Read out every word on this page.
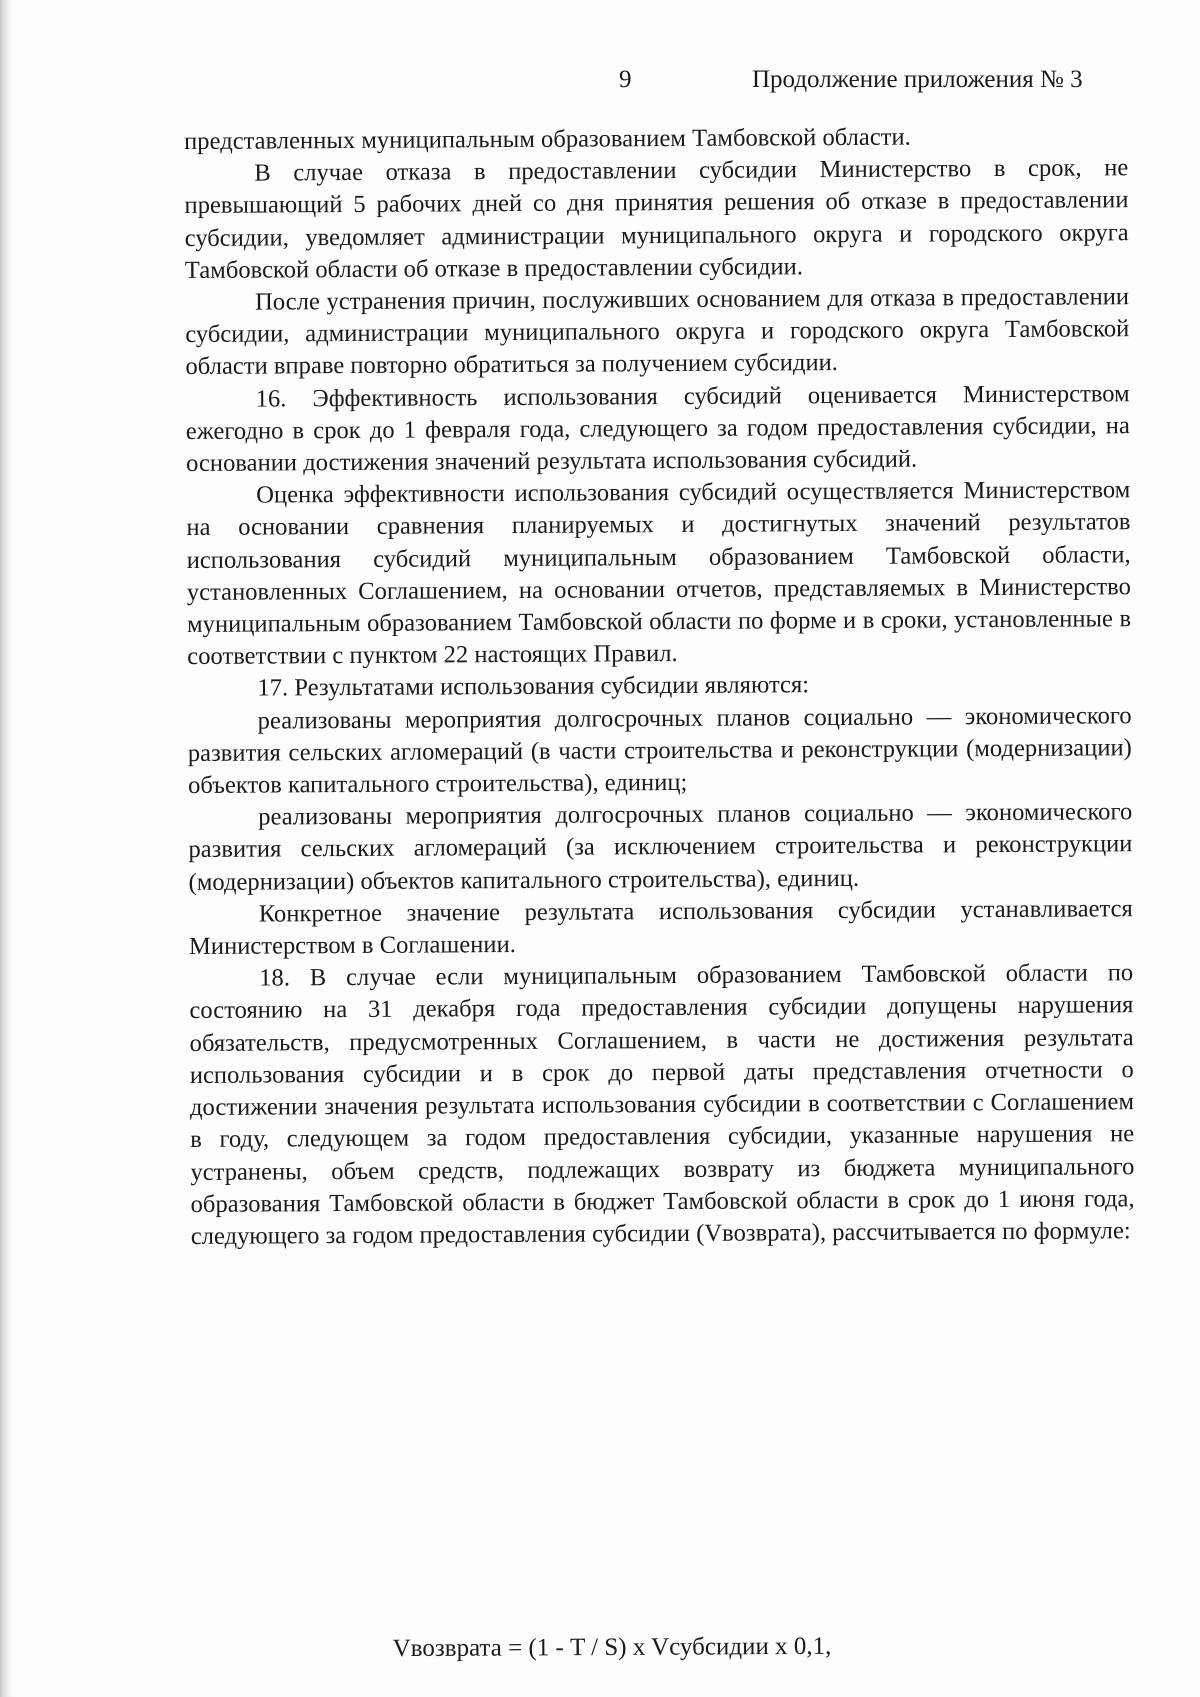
9	Продолжение приложения № 3

представленных муниципальным образованием Тамбовской области.

В случае отказа в предоставлении субсидии Министерство в срок, не превышающий 5 рабочих дней со дня принятия решения об отказе в предоставлении субсидии, уведомляет администрации муниципального округа и городского округа Тамбовской области об отказе в предоставлении субсидии.

После устранения причин, послуживших основанием для отказа в предоставлении субсидии, администрации муниципального округа и городского округа Тамбовской области вправе повторно обратиться за получением субсидии.

16. Эффективность использования субсидий оценивается Министерством ежегодно в срок до 1 февраля года, следующего за годом предоставления субсидии, на основании достижения значений результата использования субсидий.

Оценка эффективности использования субсидий осуществляется Министерством на основании сравнения планируемых и достигнутых значений результатов использования субсидий муниципальным образованием Тамбовской области, установленных Соглашением, на основании отчетов, представляемых в Министерство муниципальным образованием Тамбовской области по форме и в сроки, установленные в соответствии с пунктом 22 настоящих Правил.

17. Результатами использования субсидии являются:

реализованы мероприятия долгосрочных планов социально — экономического развития сельских агломераций (в части строительства и реконструкции (модернизации) объектов капитального строительства), единиц;

реализованы мероприятия долгосрочных планов социально — экономического развития сельских агломераций (за исключением строительства и реконструкции (модернизации) объектов капитального строительства), единиц.

Конкретное значение результата использования субсидии устанавливается Министерством в Соглашении.

18. В случае если муниципальным образованием Тамбовской области по состоянию на 31 декабря года предоставления субсидии допущены нарушения обязательств, предусмотренных Соглашением, в части не достижения результата использования субсидии и в срок до первой даты представления отчетности о достижении значения результата использования субсидии в соответствии с Соглашением в году, следующем за годом предоставления субсидии, указанные нарушения не устранены, объем средств, подлежащих возврату из бюджета муниципального образования Тамбовской области в бюджет Тамбовской области в срок до 1 июня года, следующего за годом предоставления субсидии (Vвозврата), рассчитывается по формуле:

Vвозврата = (1 - T / S) x Vсубсидии x 0,1,
